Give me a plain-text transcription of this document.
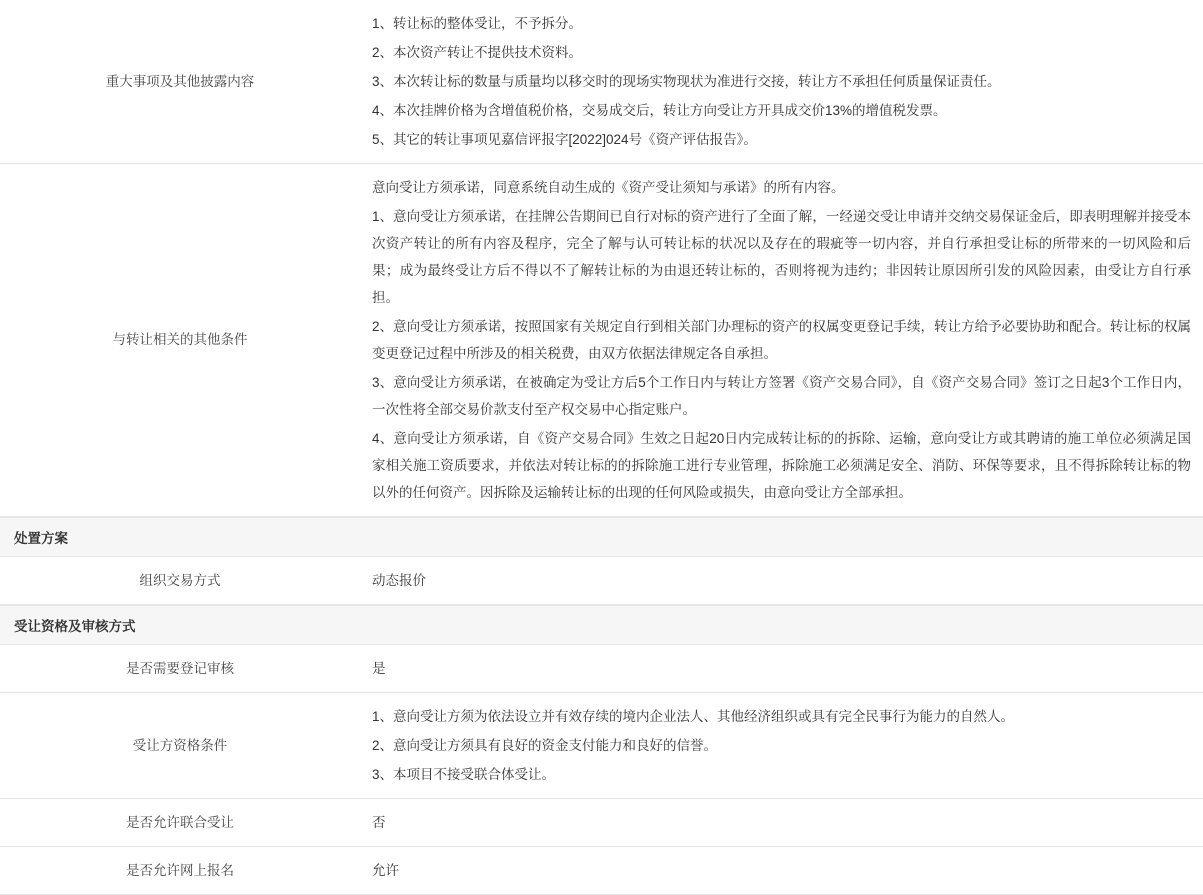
重大事项及其他披露内容	1、转让标的整体受让，不予拆分。

2、本次资产转让不提供技术资料。

3、本次转让标的数量与质量均以移交时的现场实物现状为准进行交接，转让方不承担任何质量保证责任。

4、本次挂牌价格为含增值税价格，交易成交后，转让方向受让方开具成交价13%的增值税发票。

5、其它的转让事项见嘉信评报字[2022]024号《资产评估报告》。

与转让相关的其他条件	意向受让方须承诺，同意系统自动生成的《资产受让须知与承诺》的所有内容。

1、意向受让方须承诺，在挂牌公告期间已自行对标的资产进行了全面了解，一经递交受让申请并交纳交易保证金后，即表明理解并接受本次资产转让的所有内容及程序，完全了解与认可转让标的状况以及存在的瑕疵等一切内容，并自行承担受让标的所带来的一切风险和后果；成为最终受让方后不得以不了解转让标的为由退还转让标的，否则将视为违约；非因转让原因所引发的风险因素，由受让方自行承担。

2、意向受让方须承诺，按照国家有关规定自行到相关部门办理标的资产的权属变更登记手续，转让方给予必要协助和配合。转让标的权属变更登记过程中所涉及的相关税费，由双方依据法律规定各自承担。

3、意向受让方须承诺，在被确定为受让方后5个工作日内与转让方签署《资产交易合同》，自《资产交易合同》签订之日起3个工作日内，一次性将全部交易价款支付至产权交易中心指定账户。

4、意向受让方须承诺，自《资产交易合同》生效之日起20日内完成转让标的的拆除、运输，意向受让方或其聘请的施工单位必须满足国家相关施工资质要求，并依法对转让标的的拆除施工进行专业管理，拆除施工必须满足安全、消防、环保等要求，且不得拆除转让标的物以外的任何资产。因拆除及运输转让标的出现的任何风险或损失，由意向受让方全部承担。

处置方案
组织交易方式	动态报价

受让资格及审核方式
是否需要登记审核	是

受让方资格条件	1、意向受让方须为依法设立并有效存续的境内企业法人、其他经济组织或具有完全民事行为能力的自然人。

2、意向受让方须具有良好的资金支付能力和良好的信誉。

3、本项目不接受联合体受让。

是否允许联合受让	否

是否允许网上报名	允许
